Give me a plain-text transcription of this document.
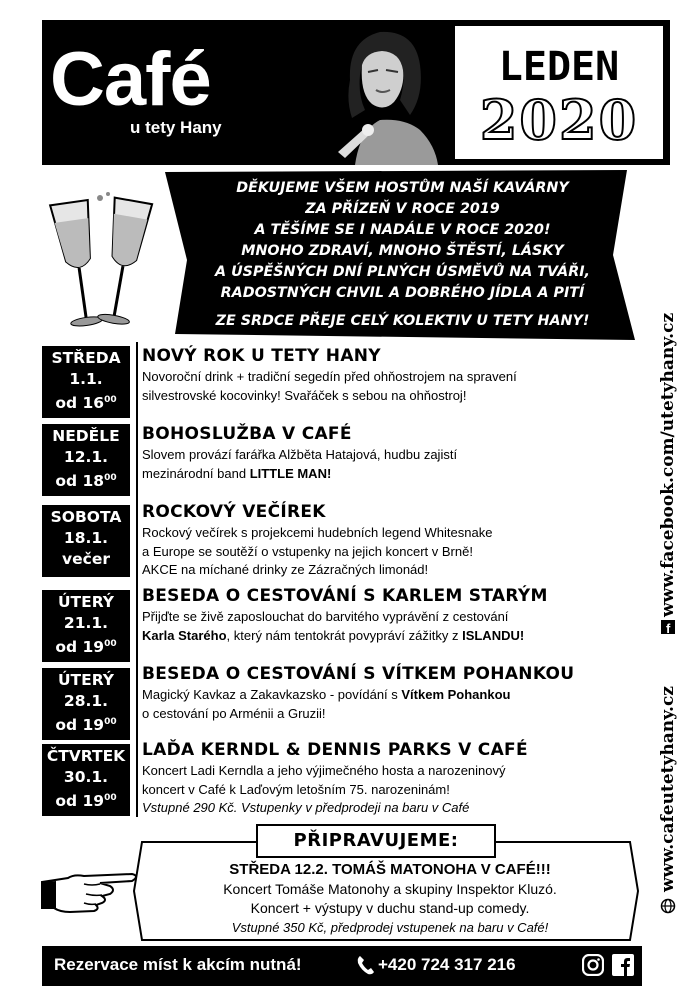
Café
u tety Hany
LEDEN
2020
DĚKUJEME VŠEM HOSTŮM NAŠÍ KAVÁRNY
ZA PŘÍZEŇ V ROCE 2019
A TĚŠÍME SE I NADÁLE V ROCE 2020!
MNOHO ZDRAVÍ, MNOHO ŠTĚSTÍ, LÁSKY
A ÚSPĚŠNÝCH DNÍ PLNÝCH ÚSMĚVŮ NA TVÁŘI,
RADOSTNÝCH CHVIL A DOBRÉHO JÍDLA A PITÍ
ZE SRDCE PŘEJE CELÝ KOLEKTIV U TETY HANY!
STŘEDA
1.1.
od $16^{00}$
NOVÝ ROK U TETY HANY
Novoroční drink + tradiční segedín před ohňostrojem na spravení
silvestrovské kocovinky! Svařáček s sebou na ohňostroj!
NEDĚLE
12.1.
od $18^{00}$
BOHOSLUŽBA V CAFÉ
Slovem provází farářka Alžběta Hatajová, hudbu zajistí
mezinárodní band LITTLE MAN!
SOBOTA
18.1.
večer
ROCKOVÝ VEČÍREK
Rockový večírek s projekcemi hudebních legend Whitesnake
a Europe se soutěží o vstupenky na jejich koncert v Brně!
AKCE na míchané drinky ze Zázračných limonád!
ÚTERÝ
21.1.
od $19^{00}$
BESEDA O CESTOVÁNÍ S KARLEM STARÝM
Přijďte se živě zaposlouchat do barvitého vyprávění z cestování
Karla Starého, který nám tentokrát povypráví zážitky z ISLANDU!
ÚTERÝ
28.1.
od $19^{00}$
BESEDA O CESTOVÁNÍ S VÍTKEM POHANKOU
Magický Kavkaz a Zakavkazsko - povídání s Vítkem Pohankou
o cestování po Arménii a Gruzii!
ČTVRTEK
30.1.
od $19^{00}$
LAĎA KERNDL & DENNIS PARKS V CAFÉ
Koncert Ladi Kerndla a jeho výjimečného hosta a narozeninový
koncert v Café k Laďovým letošním 75. narozeninám!
Vstupné 290 Kč. Vstupenky v předprodeji na baru v Café
PŘIPRAVUJEME:
STŘEDA 12.2. TOMÁŠ MATONOHA V CAFÉ!!!
Koncert Tomáše Matonohy a skupiny Inspektor Kluzó.
Koncert + výstupy v duchu stand-up comedy.
Vstupné 350 Kč, předprodej vstupenek na baru v Café!
www.facebook.com/utetyhany.cz
f
www.cafeutetyhany.cz
Rezervace míst k akcím nutná!	+420 724 317 216
